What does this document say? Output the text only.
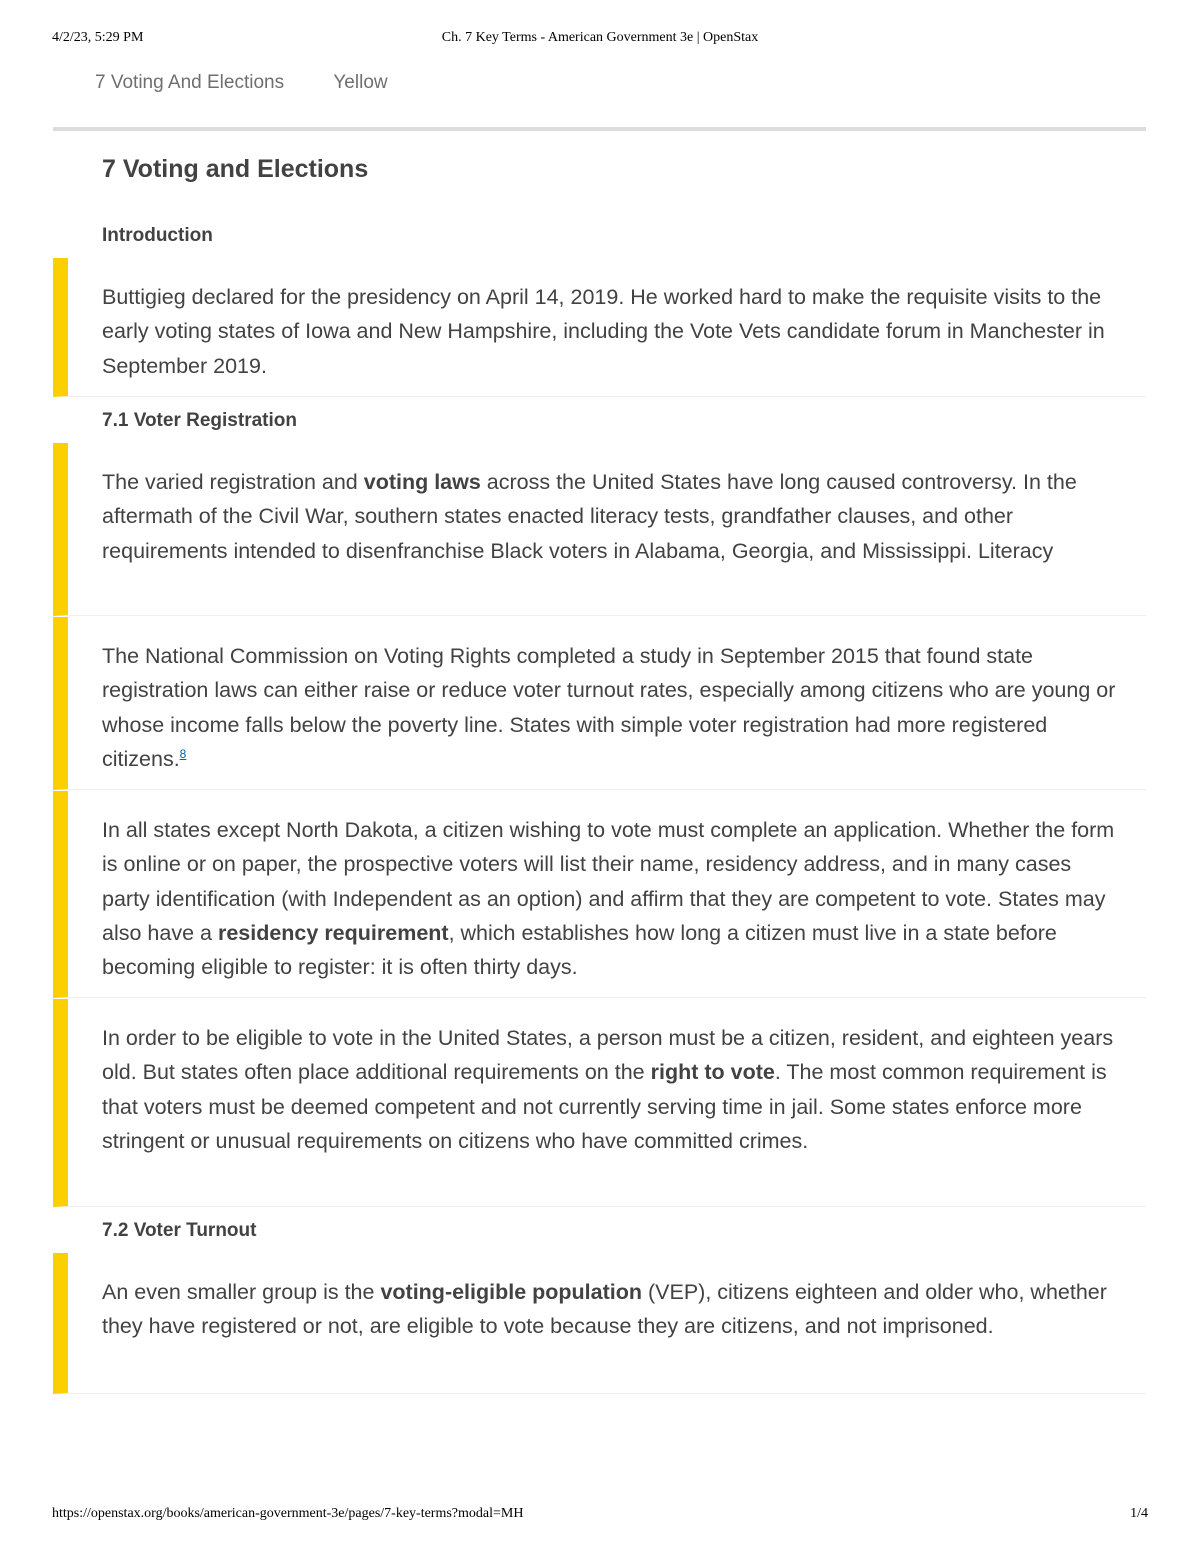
4/2/23, 5:29 PM	Ch. 7 Key Terms - American Government 3e | OpenStax
7 Voting And Elections	Yellow
7 Voting and Elections
Introduction

Buttigieg declared for the presidency on April 14, 2019. He worked hard to make the requisite visits to the early voting states of Iowa and New Hampshire, including the Vote Vets candidate forum in Manchester in September 2019.

7.1 Voter Registration

The varied registration and voting laws across the United States have long caused controversy. In the aftermath of the Civil War, southern states enacted literacy tests, grandfather clauses, and other requirements intended to disenfranchise Black voters in Alabama, Georgia, and Mississippi. Literacy

The National Commission on Voting Rights completed a study in September 2015 that found state registration laws can either raise or reduce voter turnout rates, especially among citizens who are young or whose income falls below the poverty line. States with simple voter registration had more registered citizens.$^8$

In all states except North Dakota, a citizen wishing to vote must complete an application. Whether the form is online or on paper, the prospective voters will list their name, residency address, and in many cases party identification (with Independent as an option) and affirm that they are competent to vote. States may also have a residency requirement, which establishes how long a citizen must live in a state before becoming eligible to register: it is often thirty days.

In order to be eligible to vote in the United States, a person must be a citizen, resident, and eighteen years old. But states often place additional requirements on the right to vote. The most common requirement is that voters must be deemed competent and not currently serving time in jail. Some states enforce more stringent or unusual requirements on citizens who have committed crimes.

7.2 Voter Turnout

An even smaller group is the voting-eligible population (VEP), citizens eighteen and older who, whether they have registered or not, are eligible to vote because they are citizens, and not imprisoned.

https://openstax.org/books/american-government-3e/pages/7-key-terms?modal=MH	1/4
